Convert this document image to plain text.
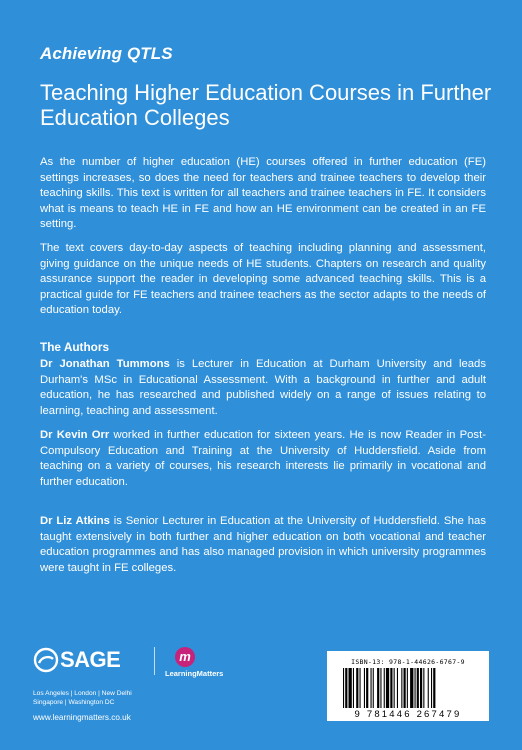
Achieving QTLS
Teaching Higher Education Courses in Further Education Colleges
As the number of higher education (HE) courses offered in further education (FE) settings increases, so does the need for teachers and trainee teachers to develop their teaching skills. This text is written for all teachers and trainee teachers in FE. It considers what is means to teach HE in FE and how an HE environment can be created in an FE setting.
The text covers day-to-day aspects of teaching including planning and assessment, giving guidance on the unique needs of HE students. Chapters on research and quality assurance support the reader in developing some advanced teaching skills. This is a practical guide for FE teachers and trainee teachers as the sector adapts to the needs of education today.
The Authors
Dr Jonathan Tummons is Lecturer in Education at Durham University and leads Durham's MSc in Educational Assessment. With a background in further and adult education, he has researched and published widely on a range of issues relating to learning, teaching and assessment.
Dr Kevin Orr worked in further education for sixteen years. He is now Reader in Post-Compulsory Education and Training at the University of Huddersfield. Aside from teaching on a variety of courses, his research interests lie primarily in vocational and further education.
Dr Liz Atkins is Senior Lecturer in Education at the University of Huddersfield. She has taught extensively in both further and higher education on both vocational and teacher education programmes and has also managed provision in which university programmes were taught in FE colleges.
SAGE	m
LearningMatters
Los Angeles | London | New Delhi
Singapore | Washington DC
www.learningmatters.co.uk
ISBN-13: 978-1-44626-6767-9
9 781446 267479
